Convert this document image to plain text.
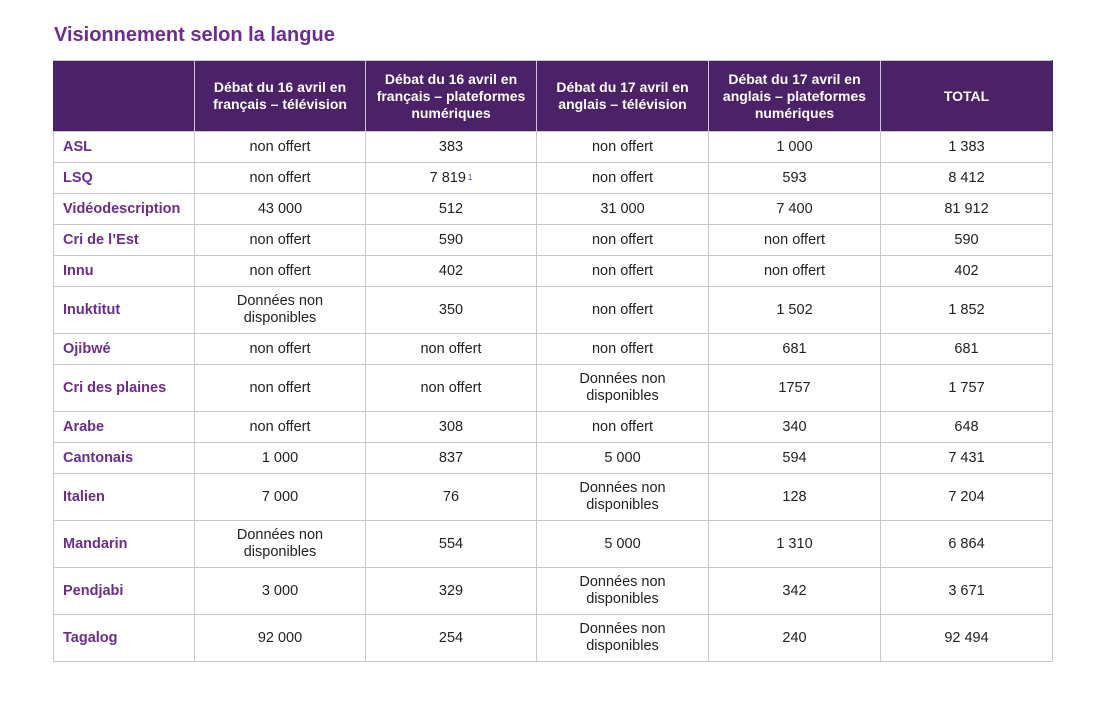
Visionnement selon la langue
	Débat du 16 avril en français – télévision	Débat du 16 avril en français – plateformes numériques	Débat du 17 avril en anglais – télévision	Débat du 17 avril en anglais – plateformes numériques	TOTAL
ASL	non offert	383	non offert	1 000	1 383
LSQ	non offert	7 819 $^1$	non offert	593	8 412
Vidéodescription	43 000	512	31 000	7 400	81 912
Cri de l’Est	non offert	590	non offert	non offert	590
Innu	non offert	402	non offert	non offert	402
Inuktitut	Données non disponibles	350	non offert	1 502	1 852
Ojibwé	non offert	non offert	non offert	681	681
Cri des plaines	non offert	non offert	Données non disponibles	1757	1 757
Arabe	non offert	308	non offert	340	648
Cantonais	1 000	837	5 000	594	7 431
Italien	7 000	76	Données non disponibles	128	7 204
Mandarin	Données non disponibles	554	5 000	1 310	6 864
Pendjabi	3 000	329	Données non disponibles	342	3 671
Tagalog	92 000	254	Données non disponibles	240	92 494
